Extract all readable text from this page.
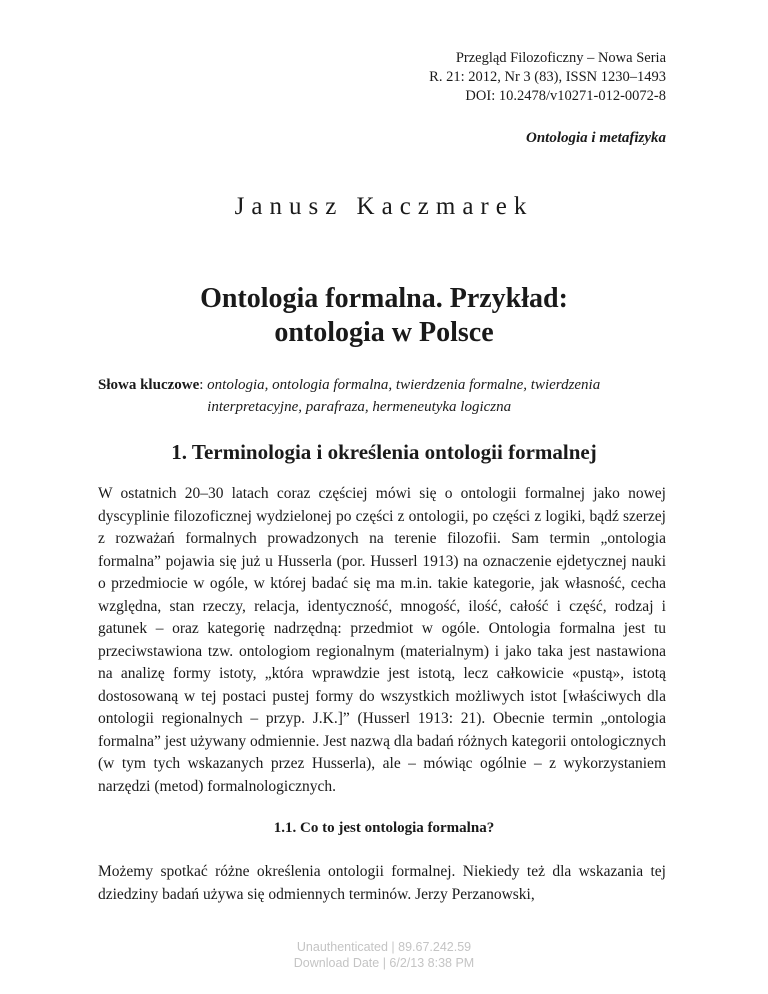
Przegląd Filozoficzny – Nowa Seria
R. 21: 2012, Nr 3 (83), ISSN 1230–1493
DOI: 10.2478/v10271-012-0072-8
Ontologia i metafizyka
Janusz Kaczmarek
Ontologia formalna. Przykład:
ontologia w Polsce
Słowa kluczowe : ontologia, ontologia formalna, twierdzenia formalne, twierdzenia interpretacyjne, parafraza, hermeneutyka logiczna
1. Terminologia i określenia ontologii formalnej

W ostatnich 20–30 latach coraz częściej mówi się o ontologii formalnej jako nowej dyscyplinie filozoficznej wydzielonej po części z ontologii, po części z logiki, bądź szerzej z rozważań formalnych prowadzonych na terenie filozofii. Sam termin „ontologia formalna” pojawia się już u Husserla (por. Husserl 1913) na oznaczenie ejdetycznej nauki o przedmiocie w ogóle, w której badać się ma m.in. takie kategorie, jak własność, cecha względna, stan rzeczy, relacja, identyczność, mnogość, ilość, całość i część, rodzaj i gatunek – oraz kategorię nadrzędną: przedmiot w ogóle. Ontologia formalna jest tu przeciwstawiona tzw. ontologiom regionalnym (materialnym) i jako taka jest nastawiona na analizę formy istoty, „która wprawdzie jest istotą, lecz całkowicie «pustą», istotą dostosowaną w tej postaci pustej formy do wszystkich możliwych istot [właściwych dla ontologii regionalnych – przyp. J.K.]” (Husserl 1913: 21). Obecnie termin „ontologia formalna” jest używany odmiennie. Jest nazwą dla badań różnych kategorii ontologicznych (w tym tych wskazanych przez Husserla), ale – mówiąc ogólnie – z wykorzystaniem narzędzi (metod) formalnologicznych.

1.1. Co to jest ontologia formalna?

Możemy spotkać różne określenia ontologii formalnej. Niekiedy też dla wskazania tej dziedziny badań używa się odmiennych terminów. Jerzy Perzanowski,

Unauthenticated | 89.67.242.59
Download Date | 6/2/13 8:38 PM
